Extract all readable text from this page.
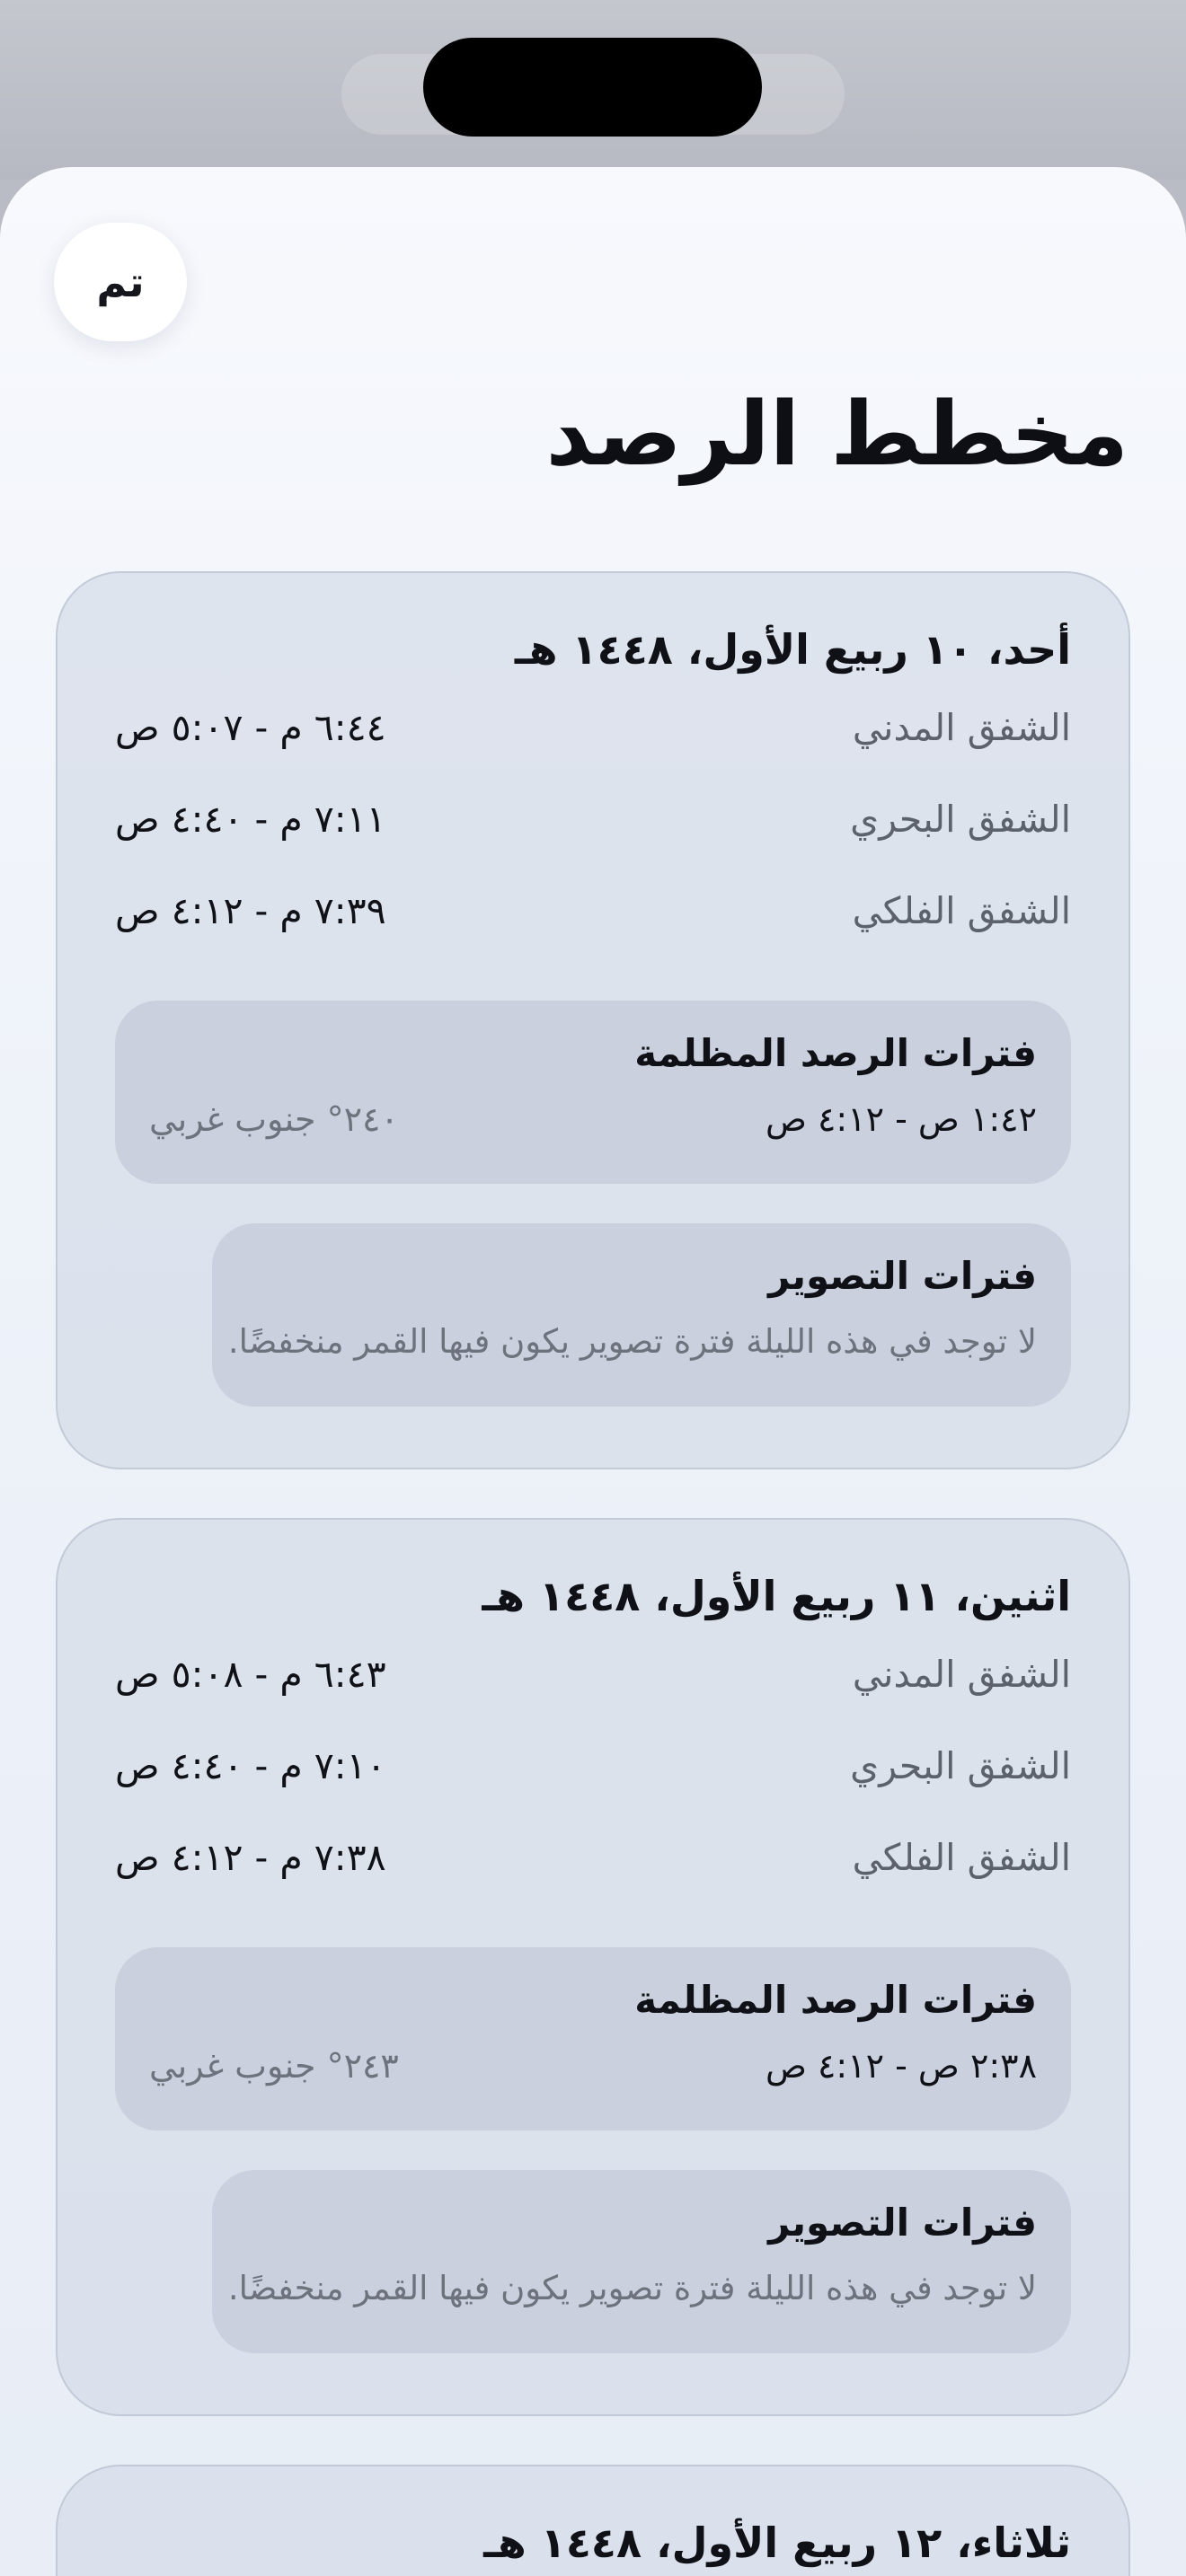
تم
مخطط الرصد
أحد، ١٠ ربيع الأول، ١٤٤٨ هـ
الشفق المدني
٦:٤٤ م - ٥:٠٧ ص
الشفق البحري
٧:١١ م - ٤:٤٠ ص
الشفق الفلكي
٧:٣٩ م - ٤:١٢ ص
فترات الرصد المظلمة
١:٤٢ ص - ٤:١٢ ص
٢٤٠° جنوب غربي
فترات التصوير
لا توجد في هذه الليلة فترة تصوير يكون فيها القمر منخفضًا.
اثنين، ١١ ربيع الأول، ١٤٤٨ هـ
الشفق المدني
٦:٤٣ م - ٥:٠٨ ص
الشفق البحري
٧:١٠ م - ٤:٤٠ ص
الشفق الفلكي
٧:٣٨ م - ٤:١٢ ص
فترات الرصد المظلمة
٢:٣٨ ص - ٤:١٢ ص
٢٤٣° جنوب غربي
فترات التصوير
لا توجد في هذه الليلة فترة تصوير يكون فيها القمر منخفضًا.
ثلاثاء، ١٢ ربيع الأول، ١٤٤٨ هـ
